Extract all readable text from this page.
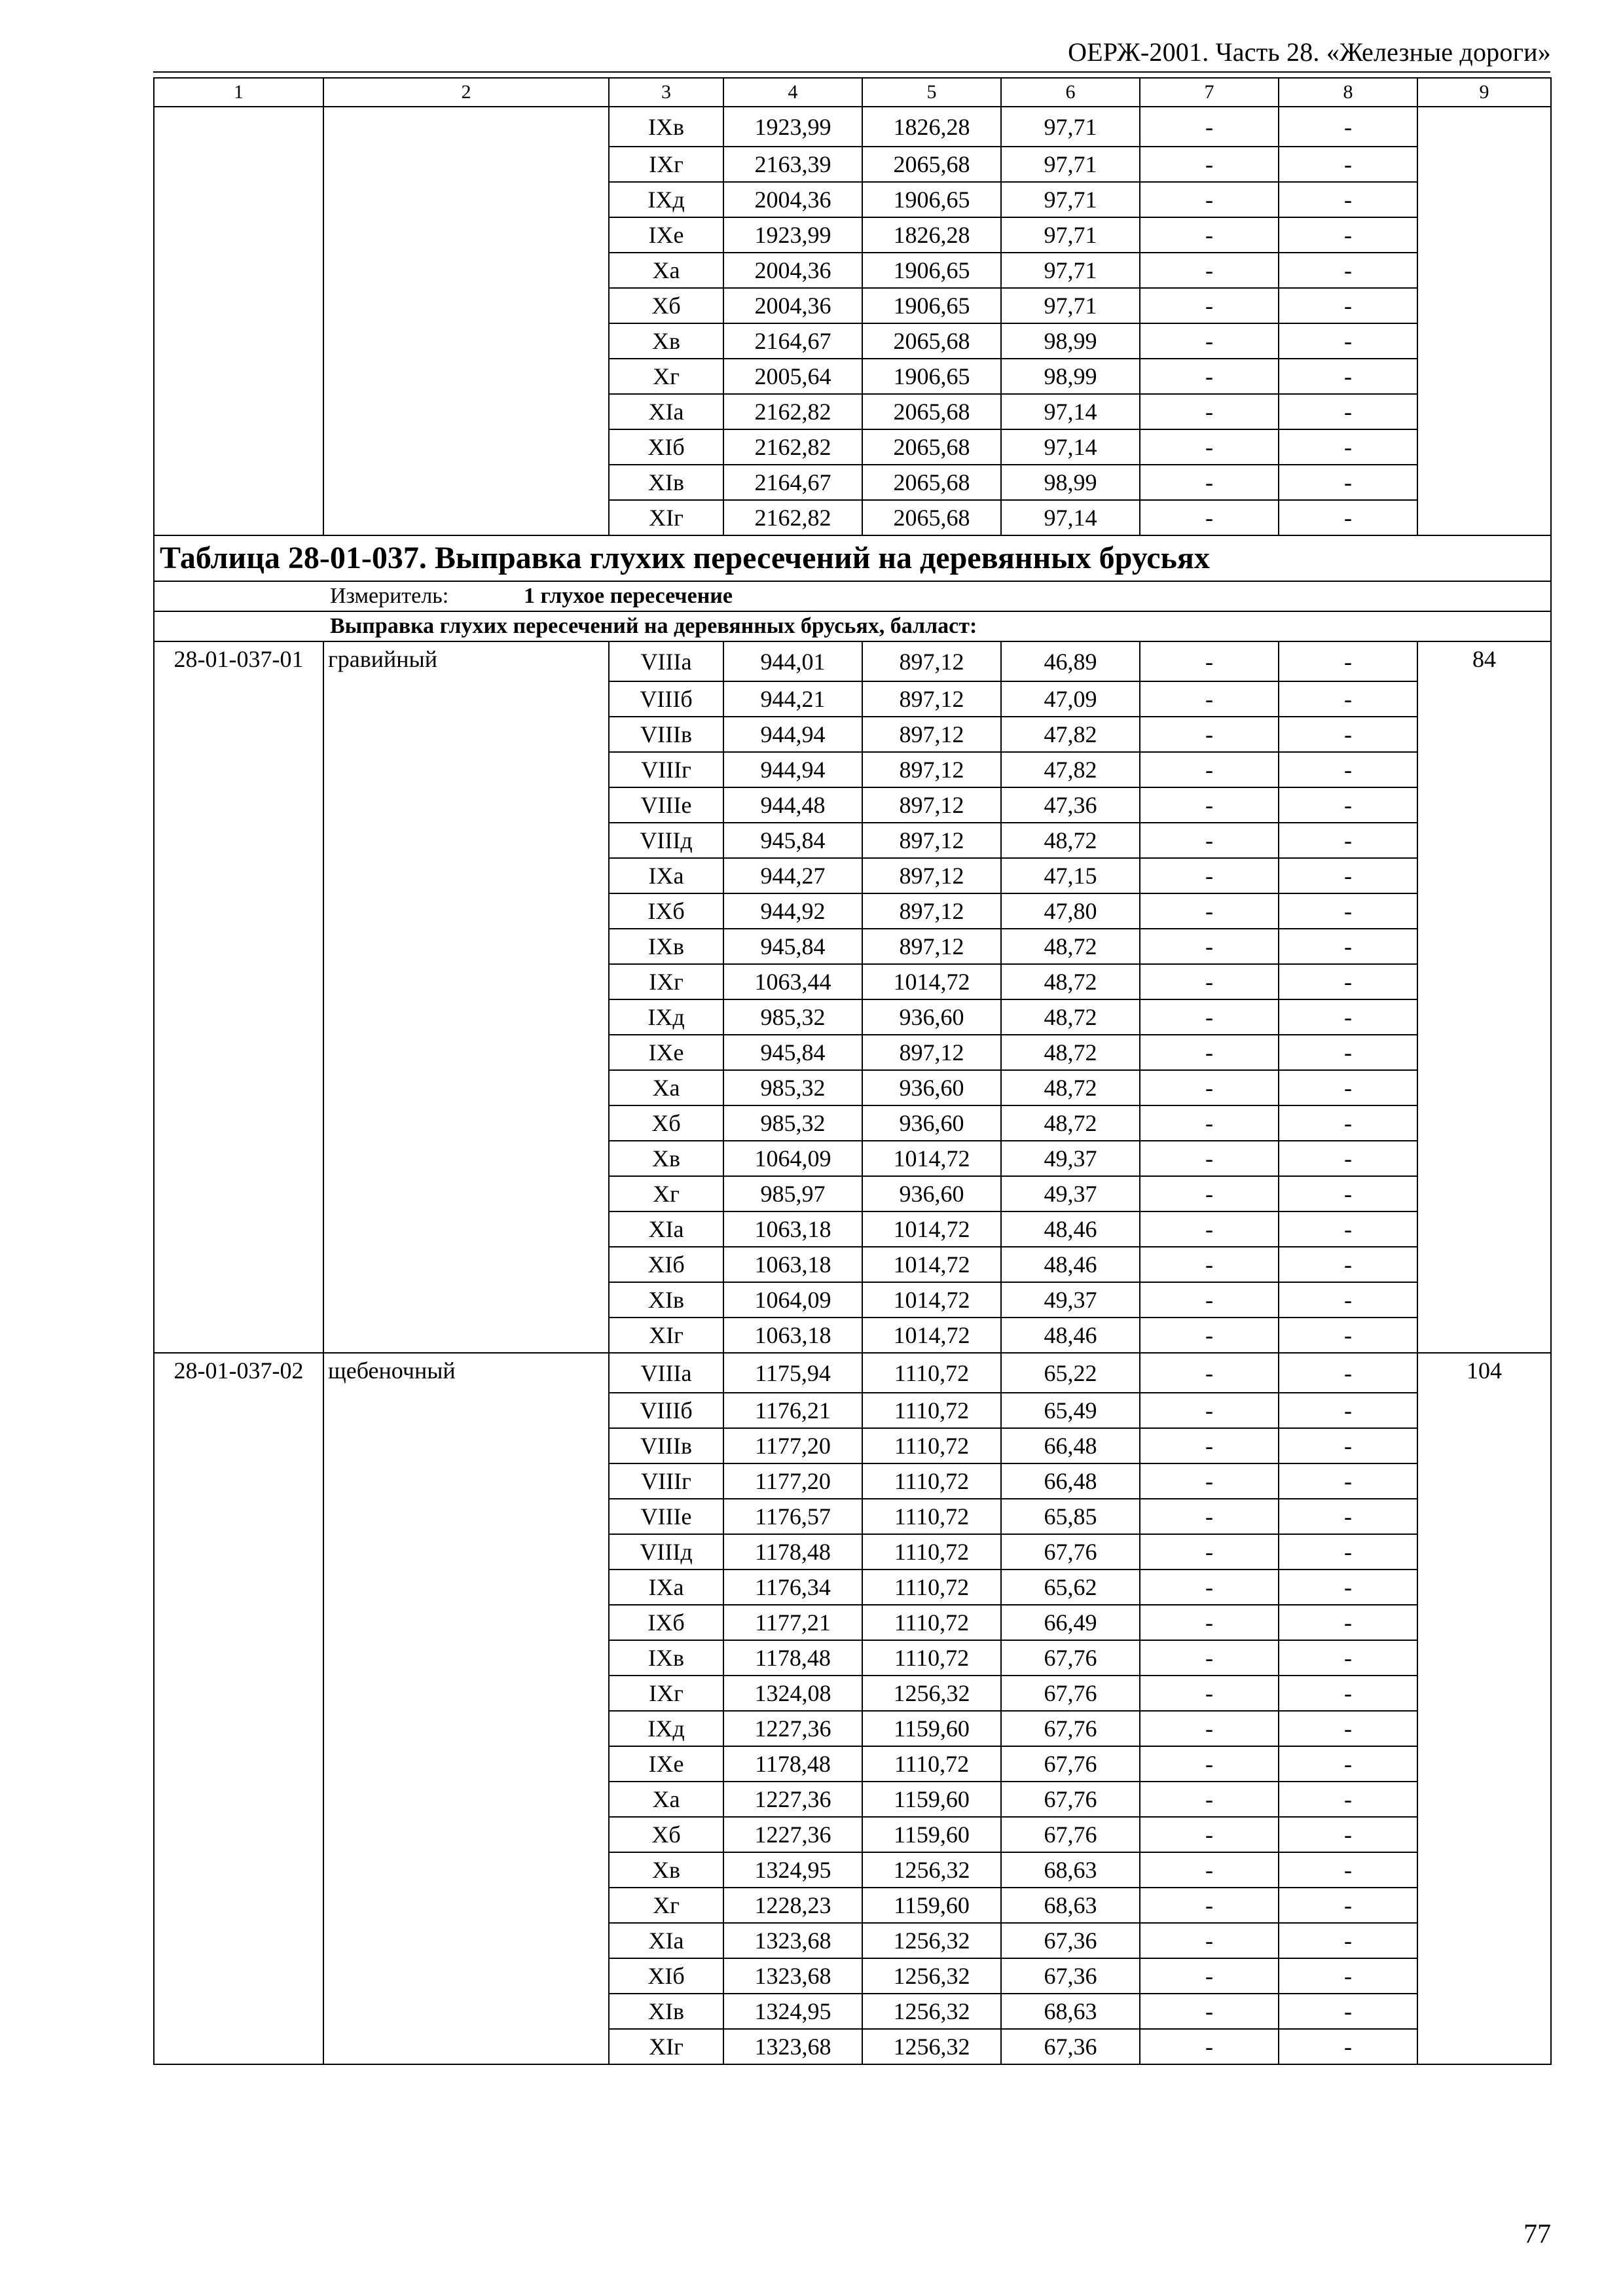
ОЕРЖ-2001. Часть 28. «Железные дороги»
1	2	3	4	5	6	7	8	9
		IXв	1923,99	1826,28	97,71	-	-	
		IXг	2163,39	2065,68	97,71	-	-	
		IXд	2004,36	1906,65	97,71	-	-	
		IXе	1923,99	1826,28	97,71	-	-	
		Xа	2004,36	1906,65	97,71	-	-	
		Xб	2004,36	1906,65	97,71	-	-	
		Xв	2164,67	2065,68	98,99	-	-	
		Xг	2005,64	1906,65	98,99	-	-	
		XIа	2162,82	2065,68	97,14	-	-	
		XIб	2162,82	2065,68	97,14	-	-	
		XIв	2164,67	2065,68	98,99	-	-	
		XIг	2162,82	2065,68	97,14	-	-	
Таблица 28-01-037. Выправка глухих пересечений на деревянных брусьях								
Измеритель: 1 глухое пересечение								
Выправка глухих пересечений на деревянных брусьях, балласт:								
28-01-037-01	гравийный	VIIIа	944,01	897,12	46,89	-	-	84
		VIIIб	944,21	897,12	47,09	-	-	
		VIIIв	944,94	897,12	47,82	-	-	
		VIIIг	944,94	897,12	47,82	-	-	
		VIIIе	944,48	897,12	47,36	-	-	
		VIIIд	945,84	897,12	48,72	-	-	
		IXа	944,27	897,12	47,15	-	-	
		IXб	944,92	897,12	47,80	-	-	
		IXв	945,84	897,12	48,72	-	-	
		IXг	1063,44	1014,72	48,72	-	-	
		IXд	985,32	936,60	48,72	-	-	
		IXе	945,84	897,12	48,72	-	-	
		Xа	985,32	936,60	48,72	-	-	
		Xб	985,32	936,60	48,72	-	-	
		Xв	1064,09	1014,72	49,37	-	-	
		Xг	985,97	936,60	49,37	-	-	
		XIа	1063,18	1014,72	48,46	-	-	
		XIб	1063,18	1014,72	48,46	-	-	
		XIв	1064,09	1014,72	49,37	-	-	
		XIг	1063,18	1014,72	48,46	-	-	
28-01-037-02	щебеночный	VIIIа	1175,94	1110,72	65,22	-	-	104
		VIIIб	1176,21	1110,72	65,49	-	-	
		VIIIв	1177,20	1110,72	66,48	-	-	
		VIIIг	1177,20	1110,72	66,48	-	-	
		VIIIе	1176,57	1110,72	65,85	-	-	
		VIIIд	1178,48	1110,72	67,76	-	-	
		IXа	1176,34	1110,72	65,62	-	-	
		IXб	1177,21	1110,72	66,49	-	-	
		IXв	1178,48	1110,72	67,76	-	-	
		IXг	1324,08	1256,32	67,76	-	-	
		IXд	1227,36	1159,60	67,76	-	-	
		IXе	1178,48	1110,72	67,76	-	-	
		Xа	1227,36	1159,60	67,76	-	-	
		Xб	1227,36	1159,60	67,76	-	-	
		Xв	1324,95	1256,32	68,63	-	-	
		Xг	1228,23	1159,60	68,63	-	-	
		XIа	1323,68	1256,32	67,36	-	-	
		XIб	1323,68	1256,32	67,36	-	-	
		XIв	1324,95	1256,32	68,63	-	-	
		XIг	1323,68	1256,32	67,36	-	-	
77
